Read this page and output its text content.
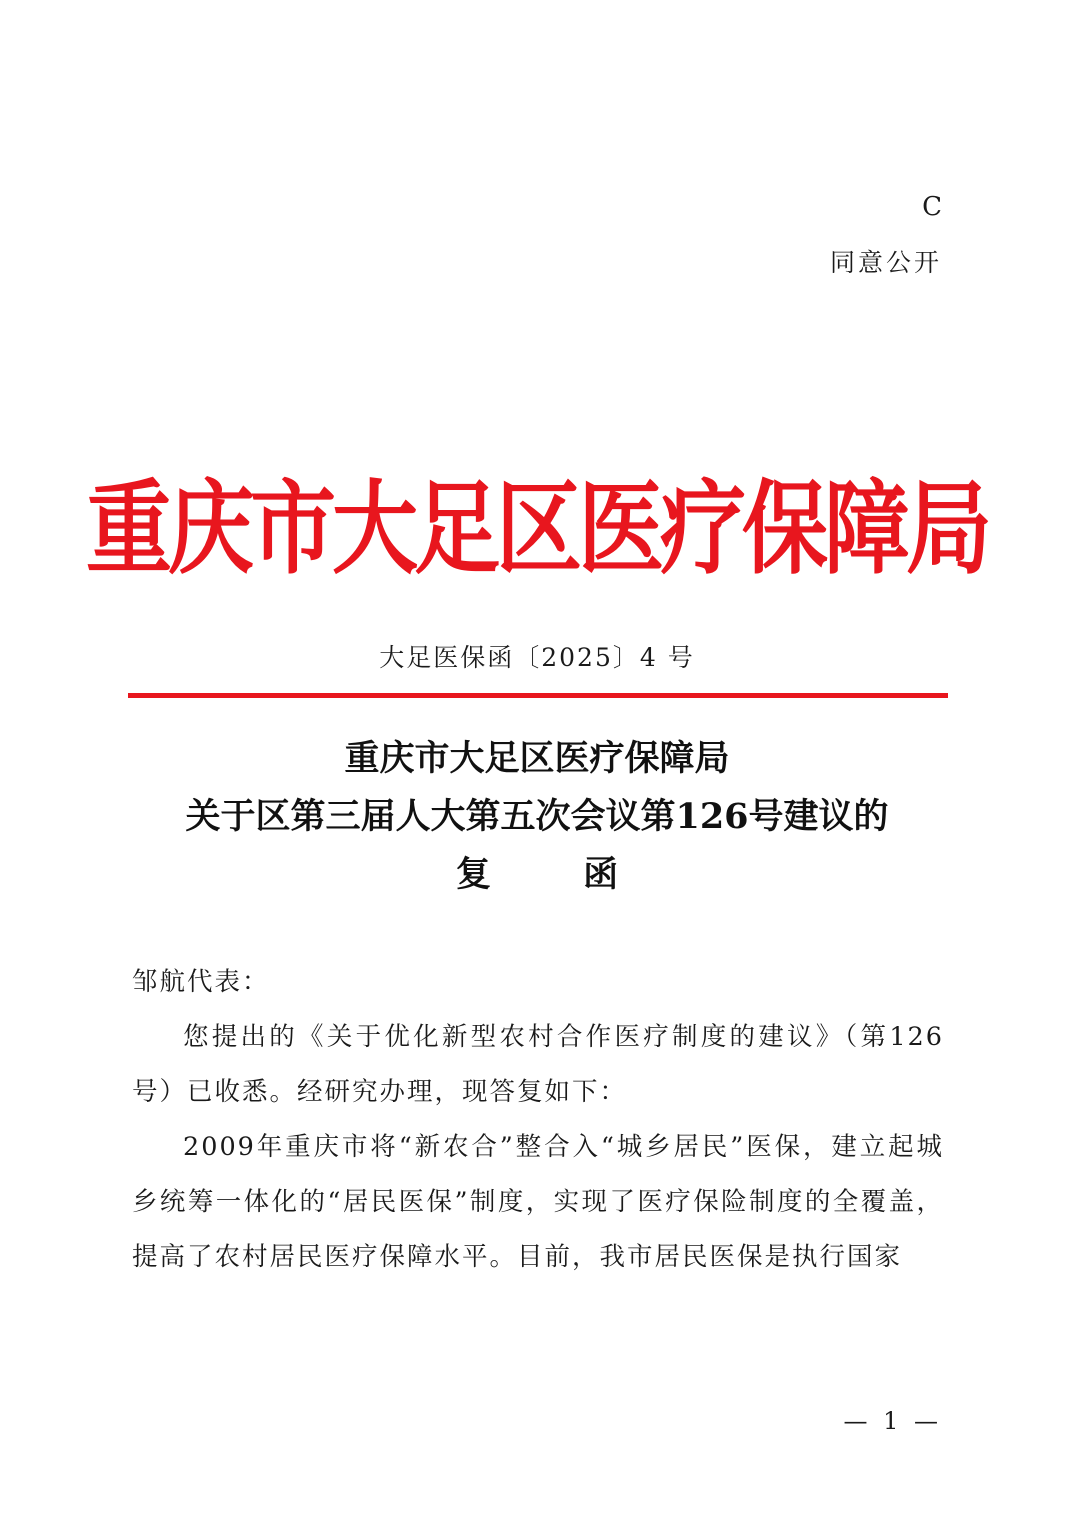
C
同意公开
重庆市大足区医疗保障局
大足医保函〔2025〕4 号
重庆市大足区医疗保障局
关于区第三届人大第五次会议第126号建议的
复 函

邹航代表：

您提出的《关于优化新型农村合作医疗制度的建议》（第126号）已收悉。经研究办理，现答复如下：

2009年重庆市将“新农合”整合入“城乡居民”医保，建立起城乡统筹一体化的“居民医保”制度，实现了医疗保险制度的全覆盖，提高了农村居民医疗保障水平。目前，我市居民医保是执行国家

— 1 —
